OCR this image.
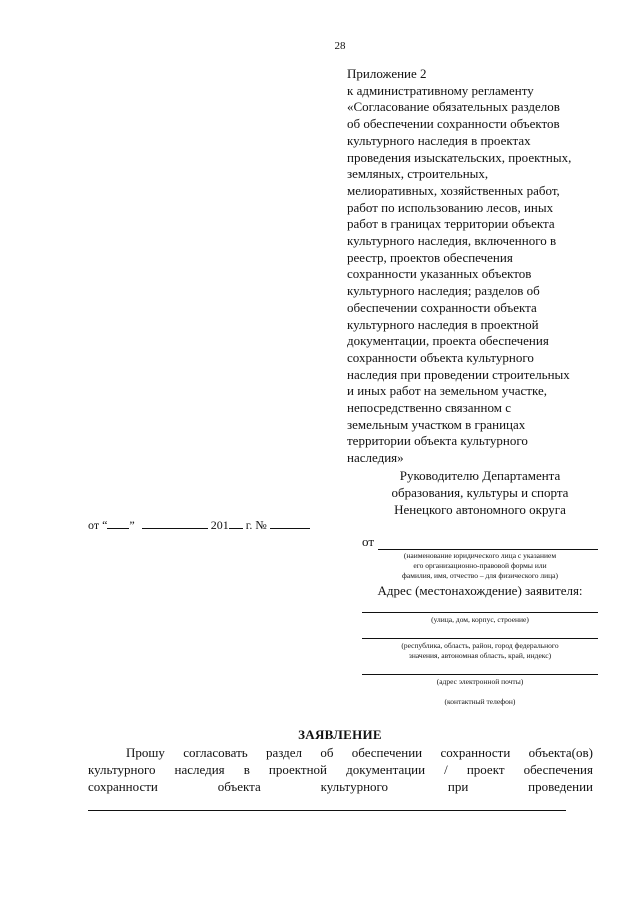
28
Приложение 2
к административному регламенту
«Согласование обязательных разделов
об обеспечении сохранности объектов
культурного наследия в проектах
проведения изыскательских, проектных,
земляных, строительных,
мелиоративных, хозяйственных работ,
работ по использованию лесов, иных
работ в границах территории объекта
культурного наследия, включенного в
реестр, проектов обеспечения
сохранности указанных объектов
культурного наследия; разделов об
обеспечении сохранности объекта
культурного наследия в проектной
документации, проекта обеспечения
сохранности объекта культурного
наследия при проведении строительных
и иных работ на земельном участке,
непосредственно связанном с
земельным участком в границах
территории объекта культурного
наследия»
Руководителю Департамента
образования, культуры и спорта
Ненецкого автономного округа
от “ ”	201 г. №
от
(наименование юридического лица с указанием
его организационно-правовой формы или
фамилия, имя, отчество – для физического лица)
Адрес (местонахождение) заявителя:
(улица, дом, корпус, строение)
(республика, область, район, город федерального
значения, автономная область, край, индекс)
(адрес электронной почты)
(контактный телефон)
ЗАЯВЛЕНИЕ
Прошу согласовать раздел об обеспечении сохранности объекта(ов)
культурного наследия в проектной документации / проект обеспечения
сохранности	объекта	культурного	при	проведении
